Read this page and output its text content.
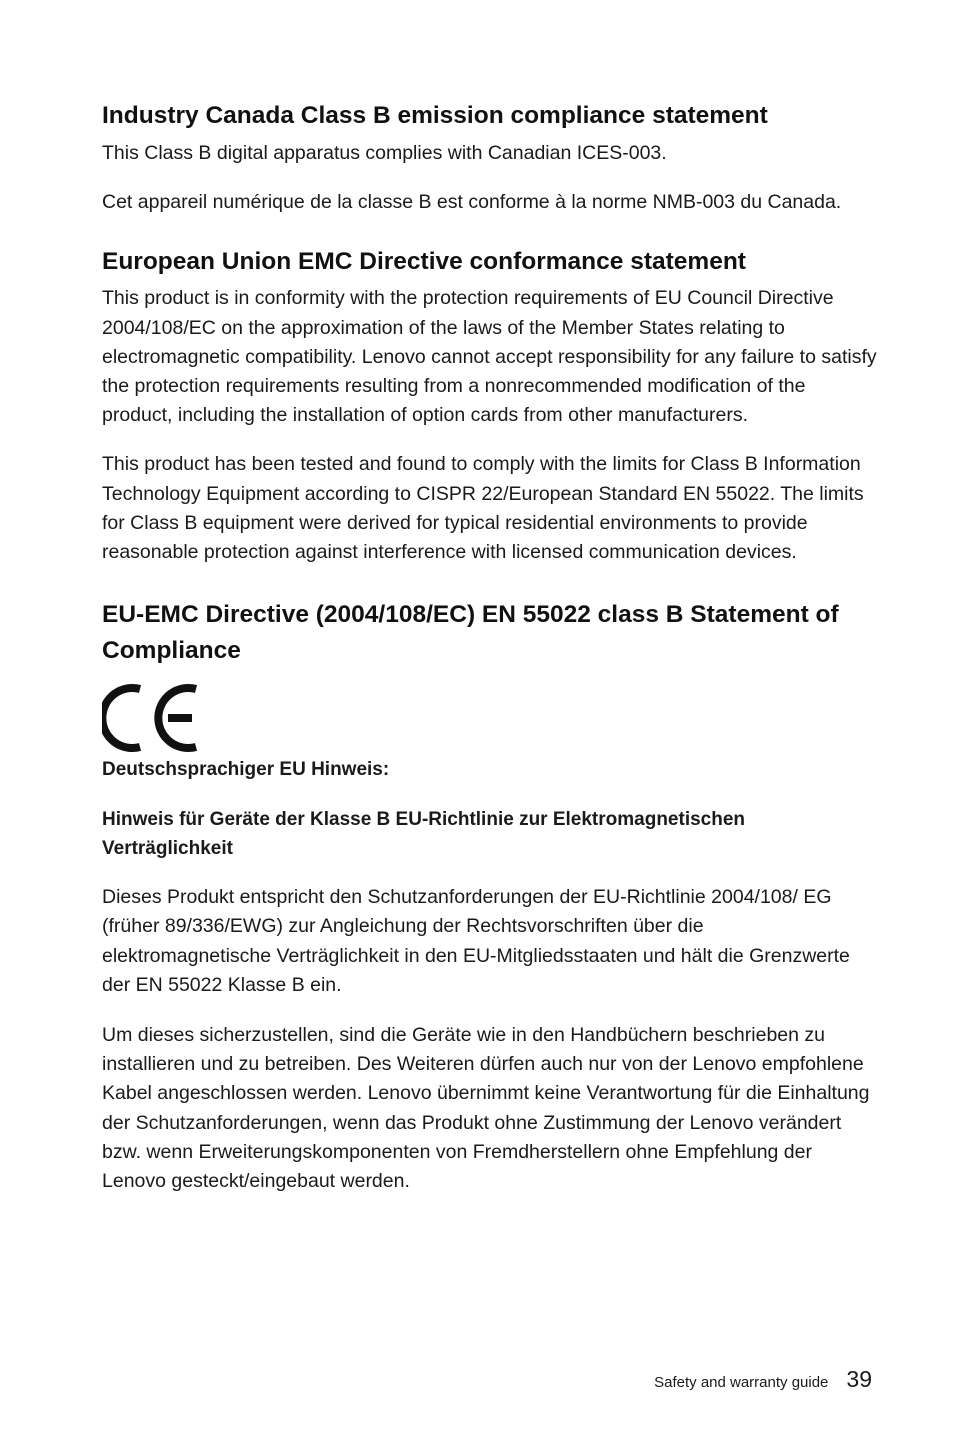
Industry Canada Class B emission compliance statement

This Class B digital apparatus complies with Canadian ICES-003.

Cet appareil numérique de la classe B est conforme à la norme NMB-003 du Canada.

European Union EMC Directive conformance statement

This product is in conformity with the protection requirements of EU Council Directive 2004/108/EC on the approximation of the laws of the Member States relating to electromagnetic compatibility. Lenovo cannot accept responsibility for any failure to satisfy the protection requirements resulting from a nonrecommended modification of the product, including the installation of option cards from other manufacturers.

This product has been tested and found to comply with the limits for Class B Information Technology Equipment according to CISPR 22/European Standard EN 55022. The limits for Class B equipment were derived for typical residential environments to provide reasonable protection against interference with licensed communication devices.

EU-EMC Directive (2004/108/EC) EN 55022 class B Statement of Compliance

Deutschsprachiger EU Hinweis:

Hinweis für Geräte der Klasse B EU-Richtlinie zur Elektromagnetischen Verträglichkeit

Dieses Produkt entspricht den Schutzanforderungen der EU-Richtlinie 2004/108/ EG (früher 89/336/EWG) zur Angleichung der Rechtsvorschriften über die elektromagnetische Verträglichkeit in den EU-Mitgliedsstaaten und hält die Grenzwerte der EN 55022 Klasse B ein.

Um dieses sicherzustellen, sind die Geräte wie in den Handbüchern beschrieben zu installieren und zu betreiben. Des Weiteren dürfen auch nur von der Lenovo empfohlene Kabel angeschlossen werden. Lenovo übernimmt keine Verantwortung für die Einhaltung der Schutzanforderungen, wenn das Produkt ohne Zustimmung der Lenovo verändert bzw. wenn Erweiterungskomponenten von Fremdherstellern ohne Empfehlung der Lenovo gesteckt/eingebaut werden.

Safety and warranty guide 39
